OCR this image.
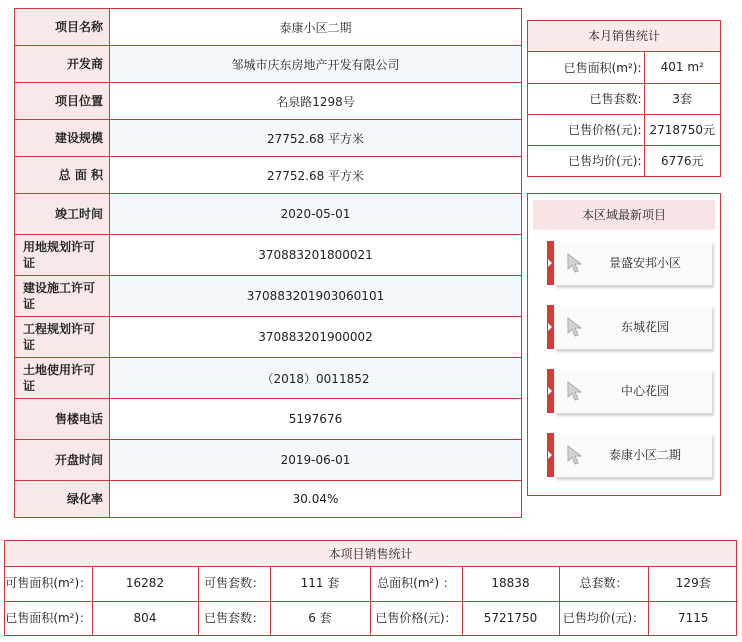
项目名称	泰康小区二期
开发商	邹城市庆东房地产开发有限公司
项目位置	名泉路1298号
建设规模	27752.68 平方米
总 面 积	27752.68 平方米
竣工时间	2020-05-01
用地规划许可证	370883201800021
建设施工许可证	370883201903060101
工程规划许可证	370883201900002
土地使用许可证	（2018）0011852
售楼电话	5197676
开盘时间	2019-06-01
绿化率	30.04%
本月销售统计
已售面积(m²):	401 m²
已售套数:	3套
已售价格(元):	2718750元
已售均价(元):	6776元
本区域最新项目
景盛安邦小区
东城花园
中心花园
泰康小区二期
本项目销售统计
可售面积(m²)：	16282	可售套数：	111 套	总面积(m²) ：	18838	总套数：	129套
已售面积(m²)：	804	已售套数：	6 套	已售价格(元)：	5721750	已售均价(元)：	7115
